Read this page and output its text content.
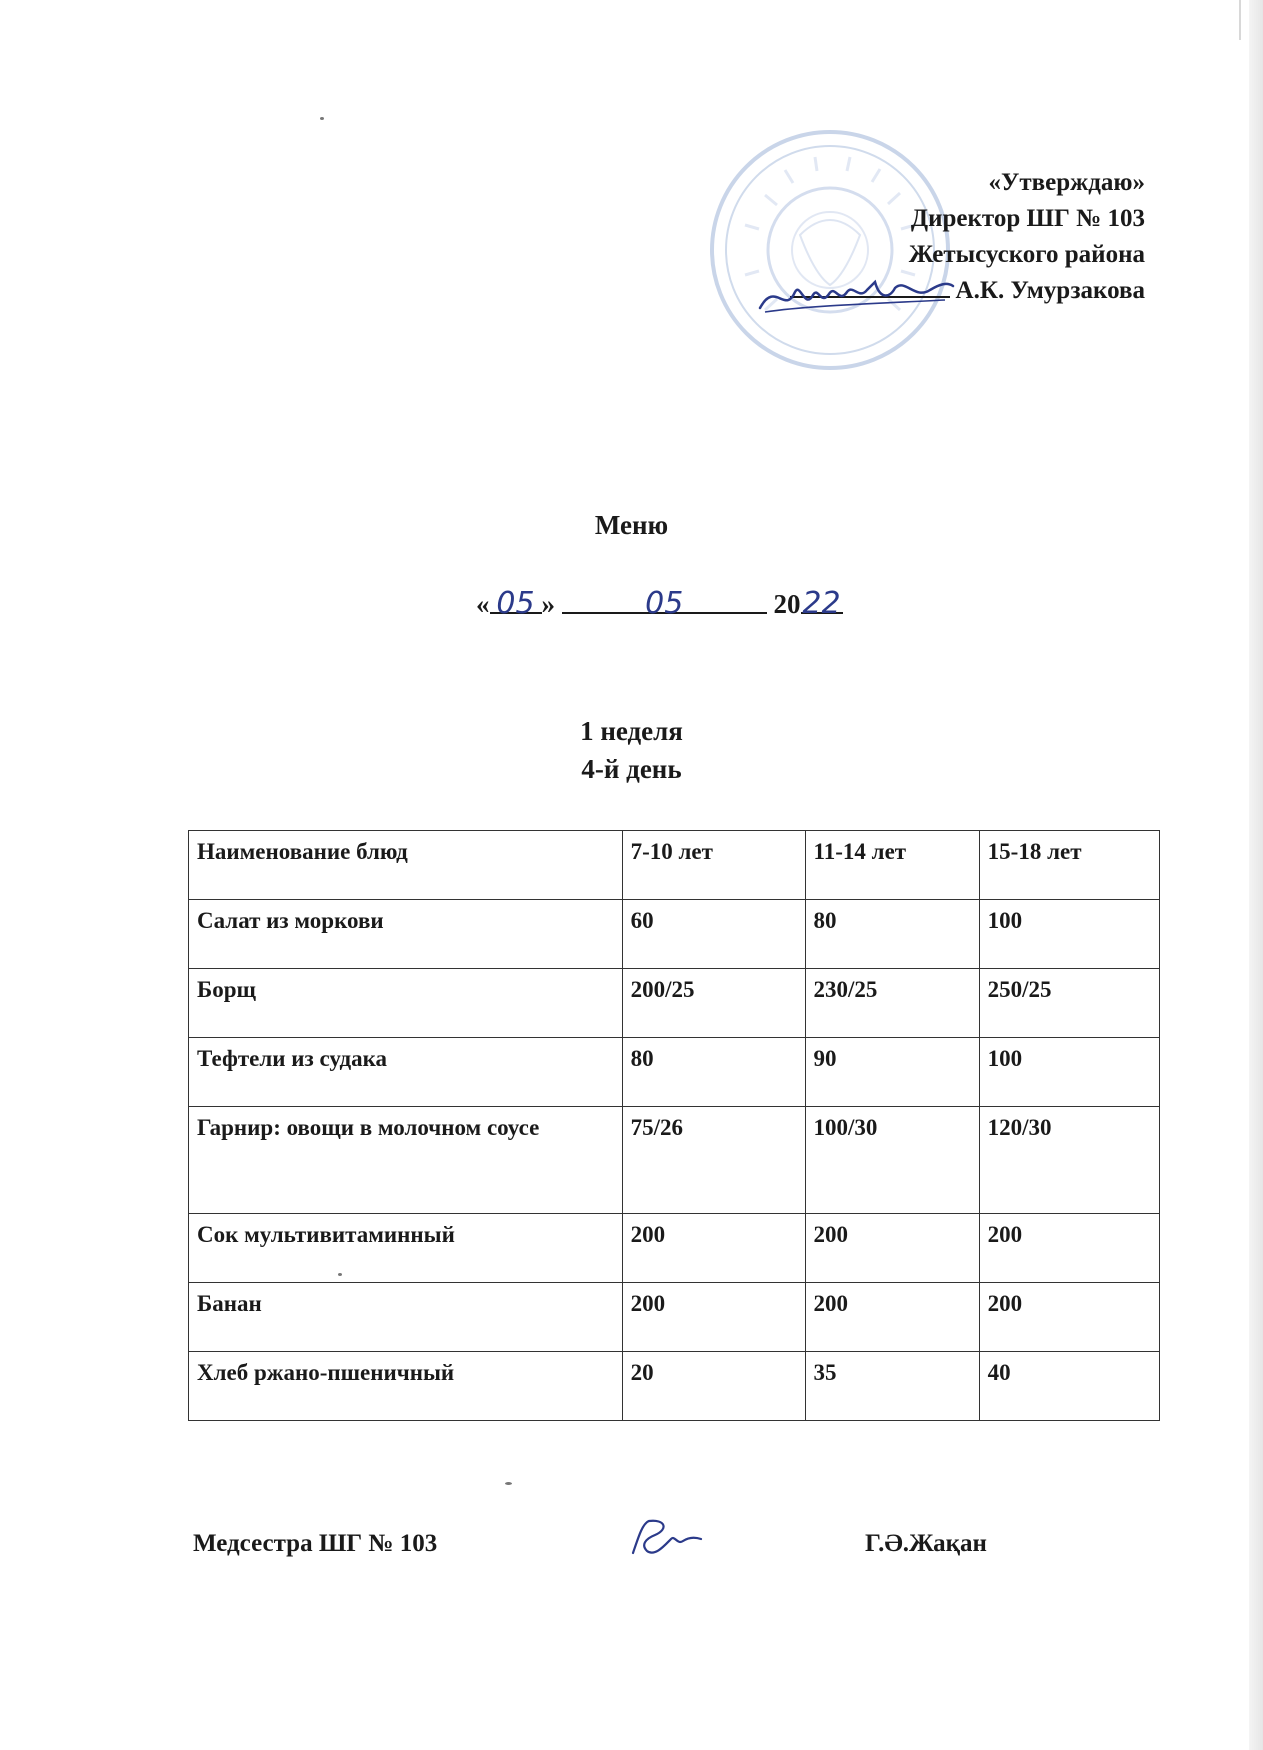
«Утверждаю»
Директор ШГ № 103
Жетысуского района
А.К. Умурзакова
Меню
« 05 »	05	2022
1 неделя
4-й день
Наименование блюд	7-10 лет	11-14 лет	15-18 лет
Салат из моркови	60	80	100
Борщ	200/25	230/25	250/25
Тефтели из судака	80	90	100
Гарнир: овощи в молочном соусе	75/26	100/30	120/30
Сок мультивитаминный	200	200	200
Банан	200	200	200
Хлеб ржано-пшеничный	20	35	40
Медсестра ШГ № 103	Г.Ә.Жақан
